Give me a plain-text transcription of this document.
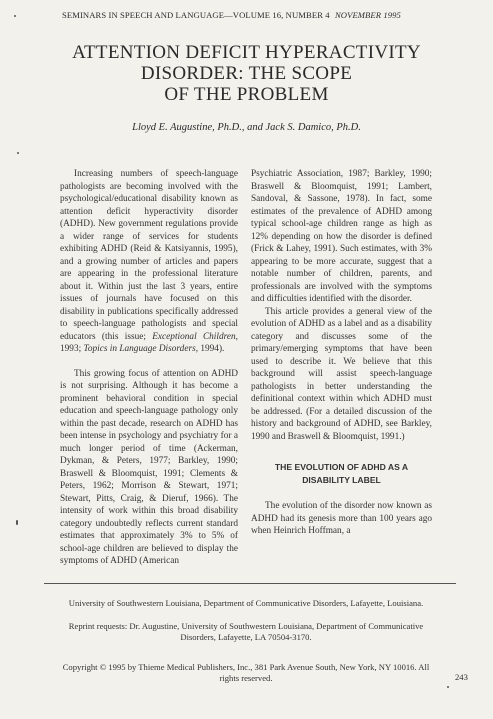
SEMINARS IN SPEECH AND LANGUAGE—VOLUME 16, NUMBER 4 NOVEMBER 1995
ATTENTION DEFICIT HYPERACTIVITY
DISORDER: THE SCOPE
OF THE PROBLEM
Lloyd E. Augustine, Ph.D., and Jack S. Damico, Ph.D.

Increasing numbers of speech-language pathologists are becoming involved with the psychological/educational disability known as attention deficit hyperactivity disorder (ADHD). New government regulations provide a wider range of services for students exhibiting ADHD (Reid & Katsiyannis, 1995), and a growing number of articles and papers are appearing in the professional literature about it. Within just the last 3 years, entire issues of journals have focused on this disability in publications specifically addressed to speech-language pathologists and special educators (this issue; Exceptional Children, 1993; Topics in Language Disorders, 1994).

This growing focus of attention on ADHD is not surprising. Although it has become a prominent behavioral condition in special education and speech-language pathology only within the past decade, research on ADHD has been intense in psychology and psychiatry for a much longer period of time (Ackerman, Dykman, & Peters, 1977; Barkley, 1990; Braswell & Bloomquist, 1991; Clements & Peters, 1962; Morrison & Stewart, 1971; Stewart, Pitts, Craig, & Dieruf, 1966). The intensity of work within this broad disability category undoubtedly reflects current standard estimates that approximately 3% to 5% of school-age children are believed to display the symptoms of ADHD (American

Psychiatric Association, 1987; Barkley, 1990; Braswell & Bloomquist, 1991; Lambert, Sandoval, & Sassone, 1978). In fact, some estimates of the prevalence of ADHD among typical school-age children range as high as 12% depending on how the disorder is defined (Frick & Lahey, 1991). Such estimates, with 3% appearing to be more accurate, suggest that a notable number of children, parents, and professionals are involved with the symptoms and difficulties identified with the disorder.

This article provides a general view of the evolution of ADHD as a label and as a disability category and discusses some of the primary/emerging symptoms that have been used to describe it. We believe that this background will assist speech-language pathologists in better understanding the definitional context within which ADHD must be addressed. (For a detailed discussion of the history and background of ADHD, see Barkley, 1990 and Braswell & Bloomquist, 1991.)

THE EVOLUTION OF ADHD AS A DISABILITY LABEL

The evolution of the disorder now known as ADHD had its genesis more than 100 years ago when Heinrich Hoffman, a

University of Southwestern Louisiana, Department of Communicative Disorders, Lafayette, Louisiana.
Reprint requests: Dr. Augustine, University of Southwestern Louisiana, Department of Communicative Disorders, Lafayette, LA 70504-3170.
Copyright © 1995 by Thieme Medical Publishers, Inc., 381 Park Avenue South, New York, NY 10016. All rights reserved.	243
